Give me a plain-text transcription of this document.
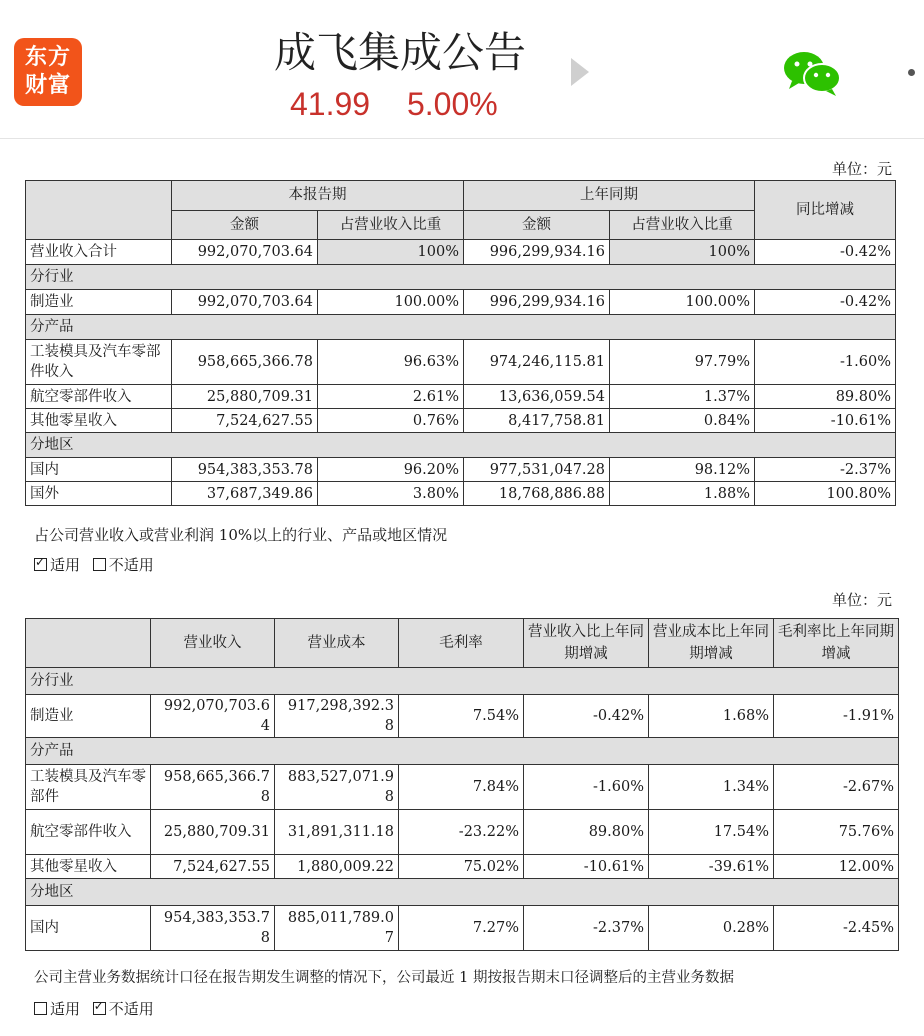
东方
财富
成飞集成公告
41.99 5.00%
单位：元
	本报告期		上年同期		同比增减
	金额	占营业收入比重	金额	占营业收入比重	
营业收入合计	992,070,703.64	100%	996,299,934.16	100%	-0.42%
分行业					
制造业	992,070,703.64	100.00%	996,299,934.16	100.00%	-0.42%
分产品					
工装模具及汽车零部件收入	958,665,366.78	96.63%	974,246,115.81	97.79%	-1.60%
航空零部件收入	25,880,709.31	2.61%	13,636,059.54	1.37%	89.80%
其他零星收入	7,524,627.55	0.76%	8,417,758.81	0.84%	-10.61%
分地区					
国内	954,383,353.78	96.20%	977,531,047.28	98.12%	-2.37%
国外	37,687,349.86	3.80%	18,768,886.88	1.88%	100.80%
占公司营业收入或营业利润 10%以上的行业、产品或地区情况
✓适用 不适用
单位：元
	营业收入	营业成本	毛利率	营业收入比上年同期增减	营业成本比上年同期增减	毛利率比上年同期增减
分行业						
制造业	992,070,703.64	917,298,392.38	7.54%	-0.42%	1.68%	-1.91%
分产品						
工装模具及汽车零部件	958,665,366.78	883,527,071.98	7.84%	-1.60%	1.34%	-2.67%
航空零部件收入	25,880,709.31	31,891,311.18	-23.22%	89.80%	17.54%	75.76%
其他零星收入	7,524,627.55	1,880,009.22	75.02%	-10.61%	-39.61%	12.00%
分地区						
国内	954,383,353.78	885,011,789.07	7.27%	-2.37%	0.28%	-2.45%
公司主营业务数据统计口径在报告期发生调整的情况下，公司最近 1 期按报告期末口径调整后的主营业务数据
适用 ✓ 不适用
